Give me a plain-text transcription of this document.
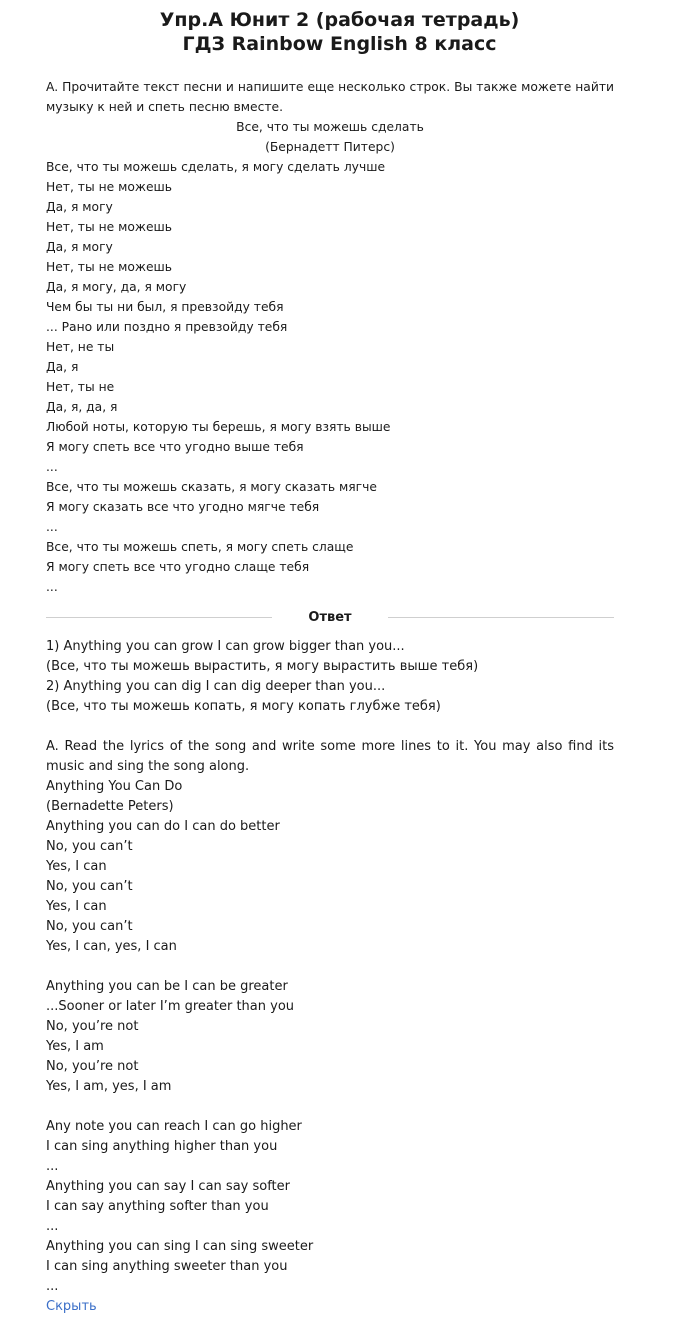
Упр.A Юнит 2 (рабочая тетрадь)
ГДЗ Rainbow English 8 класс
A. Прочитайте текст песни и напишите еще несколько строк. Вы также можете найти музыку к ней и спеть песню вместе.
Все, что ты можешь сделать
(Бернадетт Питерс)
Все, что ты можешь сделать, я могу сделать лучше
Нет, ты не можешь
Да, я могу
Нет, ты не можешь
Да, я могу
Нет, ты не можешь
Да, я могу, да, я могу
Чем бы ты ни был, я превзойду тебя
... Рано или поздно я превзойду тебя
Нет, не ты
Да, я
Нет, ты не
Да, я, да, я
Любой ноты, которую ты берешь, я могу взять выше
Я могу спеть все что угодно выше тебя
...
Все, что ты можешь сказать, я могу сказать мягче
Я могу сказать все что угодно мягче тебя
...
Все, что ты можешь спеть, я могу спеть слаще
Я могу спеть все что угодно слаще тебя
...
Ответ
1) Anything you can grow I can grow bigger than you...
(Все, что ты можешь вырастить, я могу вырастить выше тебя)
2) Anything you can dig I can dig deeper than you...
(Все, что ты можешь копать, я могу копать глубже тебя)
A. Read the lyrics of the song and write some more lines to it. You may also find its music and sing the song along.
Anything You Can Do
(Bernadette Peters)
Anything you can do I can do better
No, you can’t
Yes, I can
No, you can’t
Yes, I can
No, you can’t
Yes, I can, yes, I can
Anything you can be I can be greater
...Sooner or later I’m greater than you
No, you’re not
Yes, I am
No, you’re not
Yes, I am, yes, I am
Any note you can reach I can go higher
I can sing anything higher than you
...
Anything you can say I can say softer
I can say anything softer than you
...
Anything you can sing I can sing sweeter
I can sing anything sweeter than you
...
Скрыть
